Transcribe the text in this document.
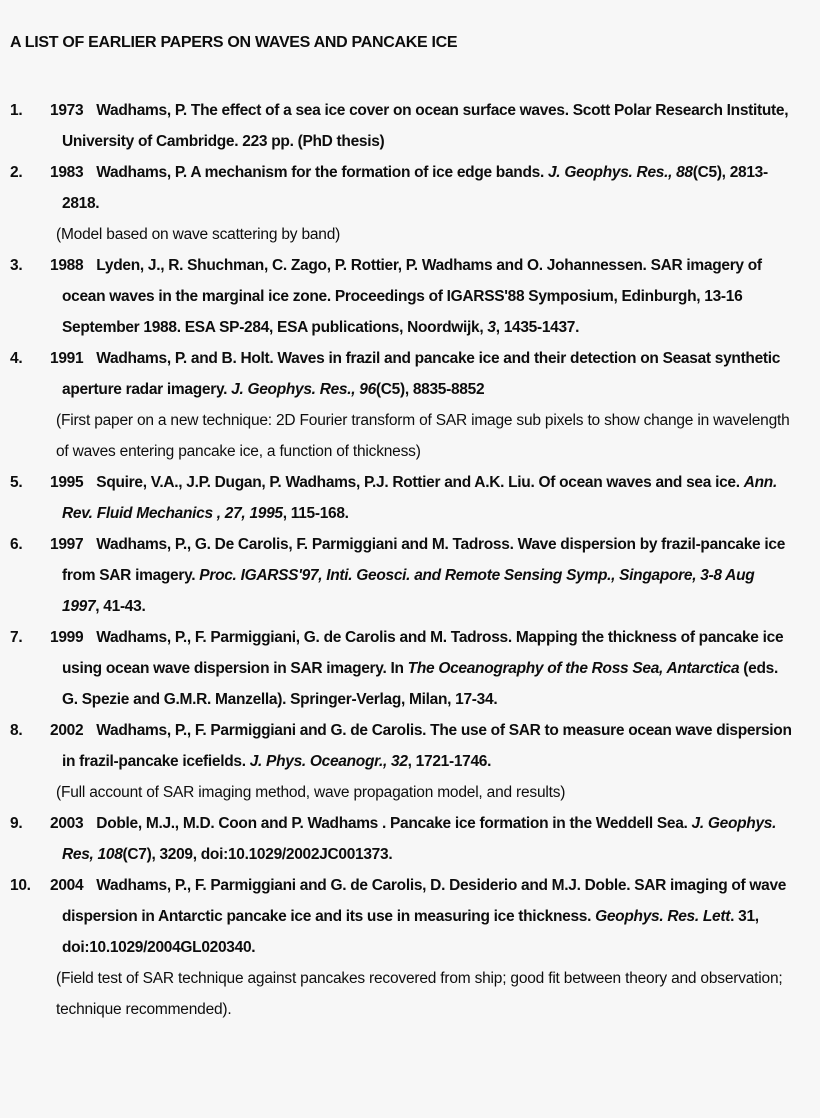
A LIST OF EARLIER PAPERS ON WAVES AND PANCAKE ICE
1.	1973 Wadhams, P. The effect of a sea ice cover on ocean surface waves. Scott Polar Research Institute, University of Cambridge. 223 pp. (PhD thesis)

2.	1983 Wadhams, P. A mechanism for the formation of ice edge bands. J. Geophys. Res., 88(C5), 2813-2818.

(Model based on wave scattering by band)

3.	1988 Lyden, J., R. Shuchman, C. Zago, P. Rottier, P. Wadhams and O. Johannessen. SAR imagery of ocean waves in the marginal ice zone. Proceedings of IGARSS'88 Symposium, Edinburgh, 13-16 September 1988. ESA SP-284, ESA publications, Noordwijk, 3, 1435-1437.

4.	1991 Wadhams, P. and B. Holt. Waves in frazil and pancake ice and their detection on Seasat synthetic aperture radar imagery. J. Geophys. Res., 96(C5), 8835-8852

(First paper on a new technique: 2D Fourier transform of SAR image sub pixels to show change in wavelength of waves entering pancake ice, a function of thickness)

5.	1995 Squire, V.A., J.P. Dugan, P. Wadhams, P.J. Rottier and A.K. Liu. Of ocean waves and sea ice. Ann. Rev. Fluid Mechanics , 27, 1995, 115-168.

6.	1997 Wadhams, P., G. De Carolis, F. Parmiggiani and M. Tadross. Wave dispersion by frazil-pancake ice from SAR imagery. Proc. IGARSS'97, Inti. Geosci. and Remote Sensing Symp., Singapore, 3-8 Aug 1997, 41-43.

7.	1999 Wadhams, P., F. Parmiggiani, G. de Carolis and M. Tadross. Mapping the thickness of pancake ice using ocean wave dispersion in SAR imagery. In The Oceanography of the Ross Sea, Antarctica (eds. G. Spezie and G.M.R. Manzella). Springer-Verlag, Milan, 17-34.

8.	2002 Wadhams, P., F. Parmiggiani and G. de Carolis. The use of SAR to measure ocean wave dispersion in frazil-pancake icefields. J. Phys. Oceanogr., 32, 1721-1746.

(Full account of SAR imaging method, wave propagation model, and results)

9.	2003 Doble, M.J., M.D. Coon and P. Wadhams . Pancake ice formation in the Weddell Sea. J. Geophys. Res, 108(C7), 3209, doi:10.1029/2002JC001373.

10.	2004 Wadhams, P., F. Parmiggiani and G. de Carolis, D. Desiderio and M.J. Doble. SAR imaging of wave dispersion in Antarctic pancake ice and its use in measuring ice thickness. Geophys. Res. Lett. 31, doi:10.1029/2004GL020340.

(Field test of SAR technique against pancakes recovered from ship; good fit between theory and observation; technique recommended).
